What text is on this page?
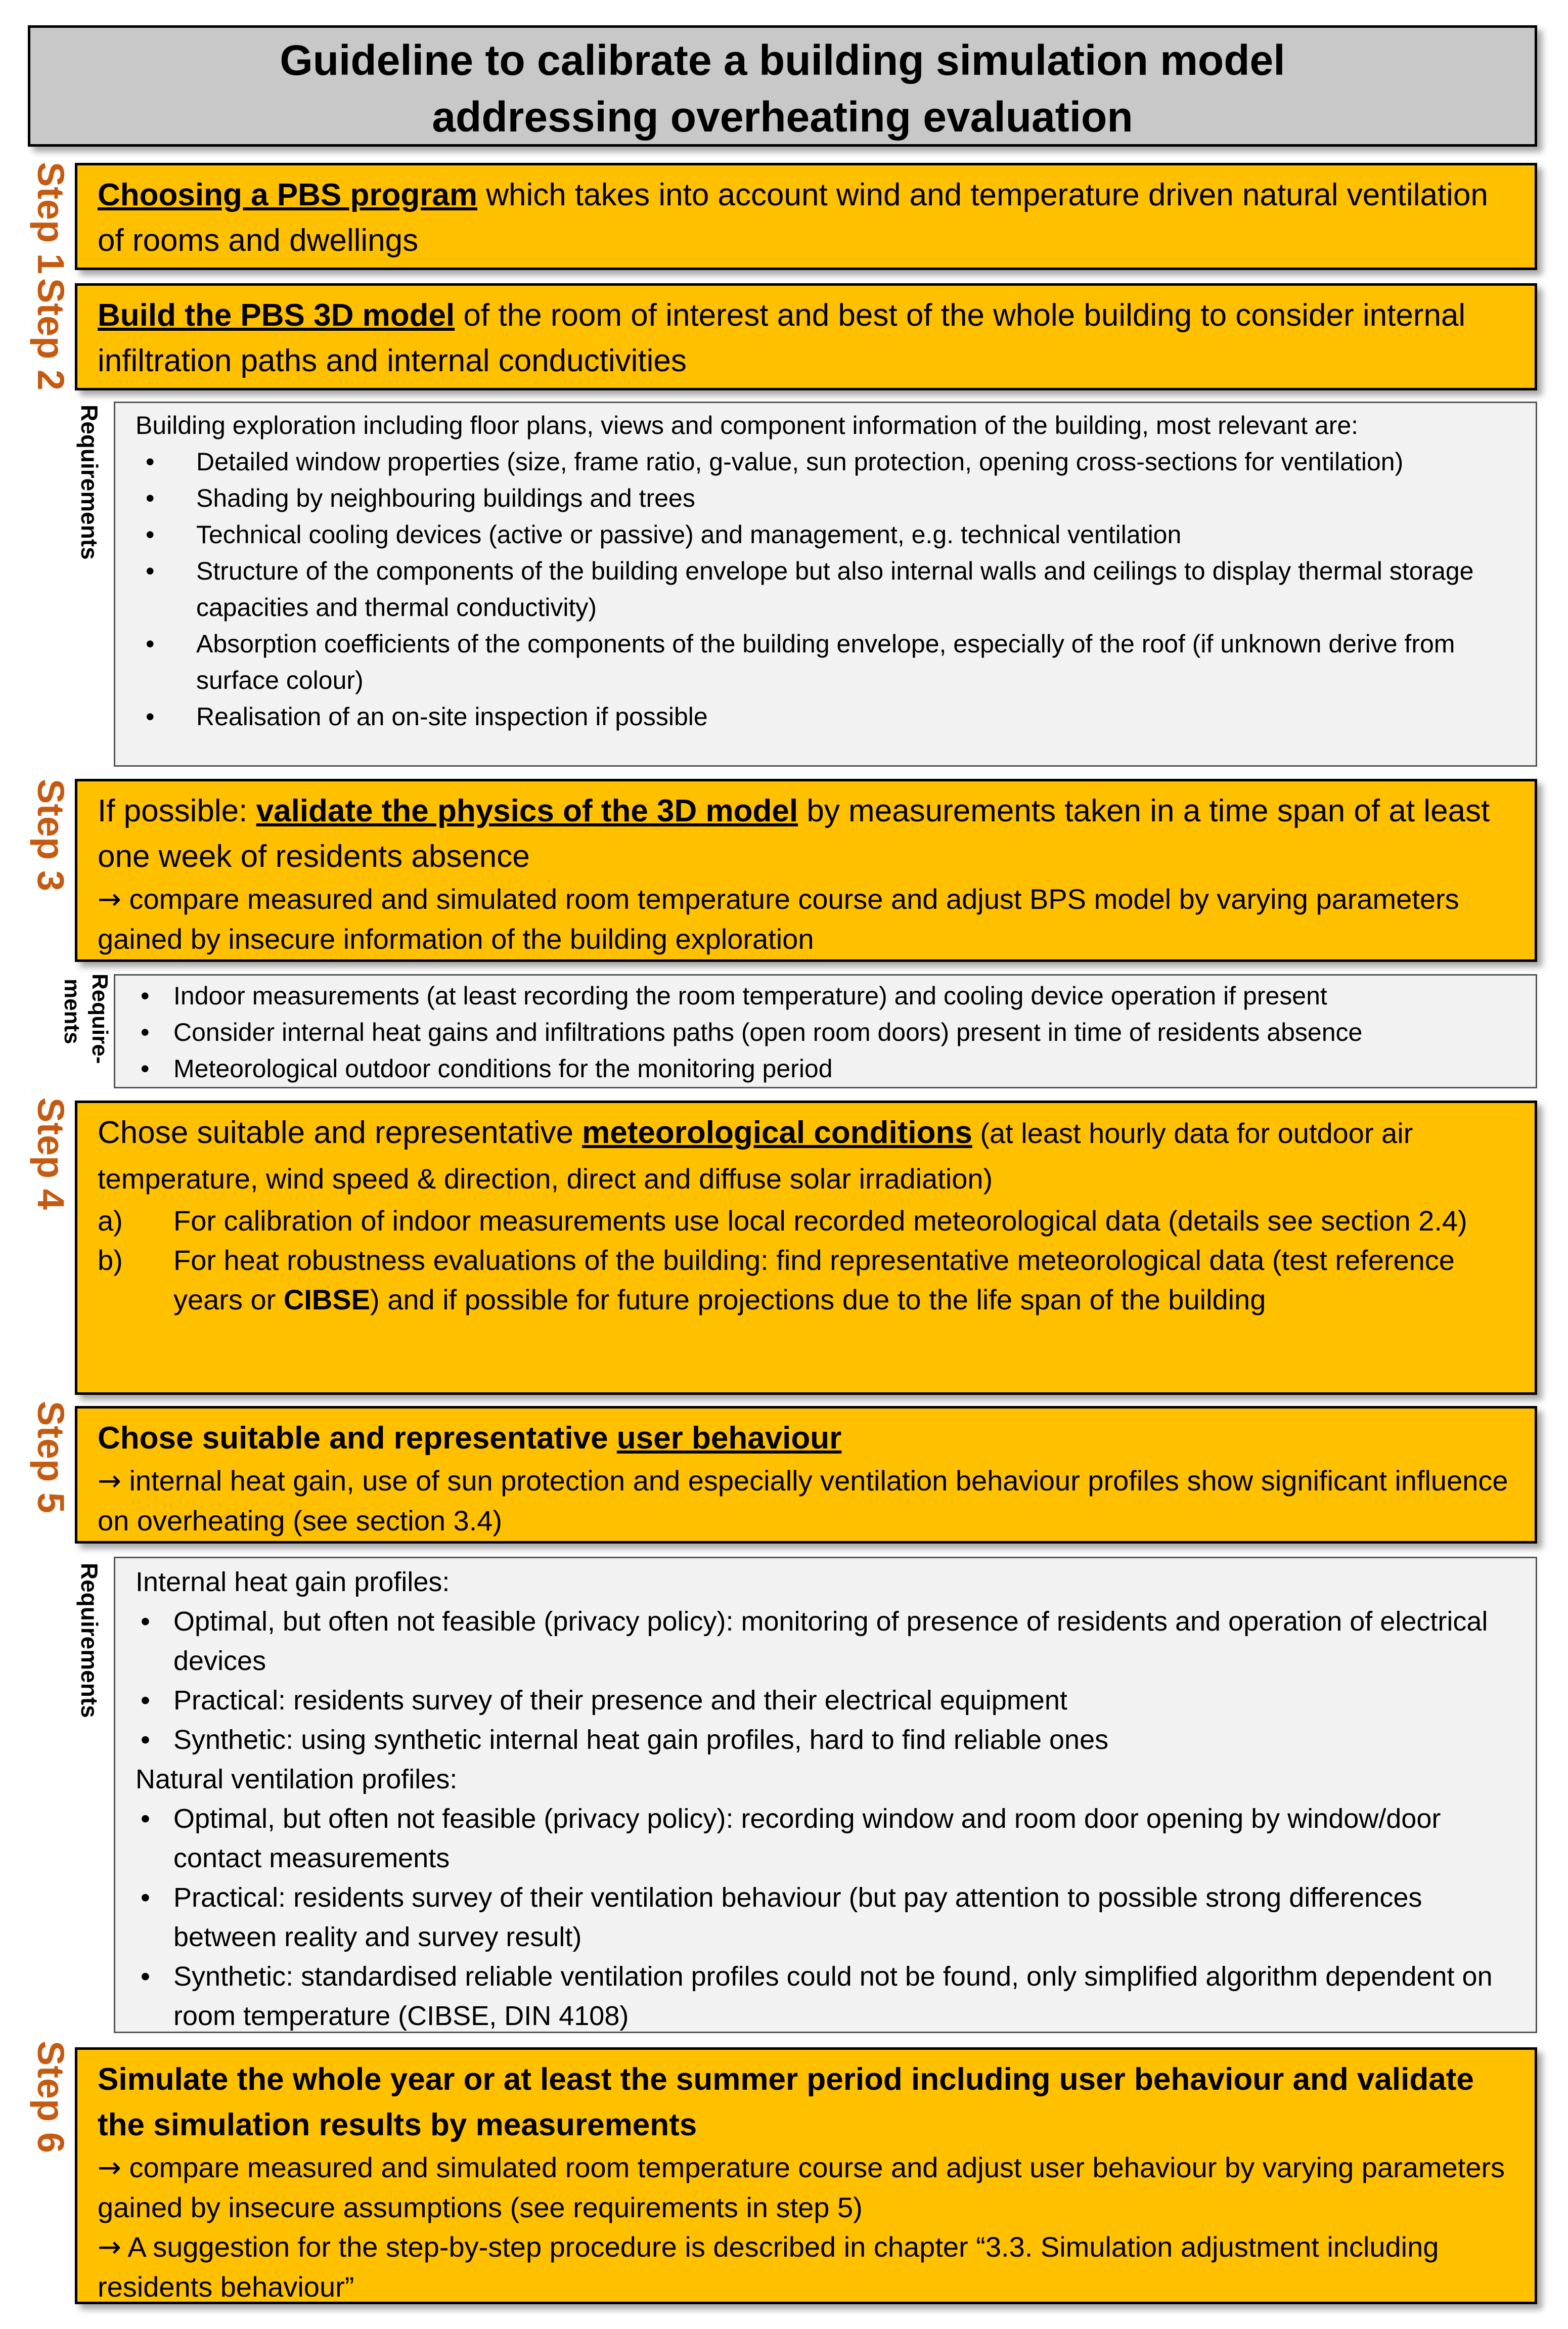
Guideline to calibrate a building simulation model
addressing overheating evaluation
Step 1
Step 2
Step 3
Step 4
Step 5
Step 6
Requirements
Require-
ments
Requirements
Choosing a PBS program which takes into account wind and temperature driven natural ventilation of rooms and dwellings
Build the PBS 3D model of the room of interest and best of the whole building to consider internal infiltration paths and internal conductivities
Building exploration including floor plans, views and component information of the building, most relevant are:
• Detailed window properties (size, frame ratio, g-value, sun protection, opening cross-sections for ventilation)
• Shading by neighbouring buildings and trees
• Technical cooling devices (active or passive) and management, e.g. technical ventilation
• Structure of the components of the building envelope but also internal walls and ceilings to display thermal storage capacities and thermal conductivity)
• Absorption coefficients of the components of the building envelope, especially of the roof (if unknown derive from surface colour)
• Realisation of an on-site inspection if possible
If possible: validate the physics of the 3D model by measurements taken in a time span of at least one week of residents absence
→ compare measured and simulated room temperature course and adjust BPS model by varying parameters gained by insecure information of the building exploration
• Indoor measurements (at least recording the room temperature) and cooling device operation if present
• Consider internal heat gains and infiltrations paths (open room doors) present in time of residents absence
• Meteorological outdoor conditions for the monitoring period
Chose suitable and representative meteorological conditions (at least hourly data for outdoor air temperature, wind speed & direction, direct and diffuse solar irradiation)
a) For calibration of indoor measurements use local recorded meteorological data (details see section 2.4)
b) For heat robustness evaluations of the building: find representative meteorological data (test reference years or CIBSE) and if possible for future projections due to the life span of the building
Chose suitable and representative user behaviour
→ internal heat gain, use of sun protection and especially ventilation behaviour profiles show significant influence on overheating (see section 3.4)
Internal heat gain profiles:
• Optimal, but often not feasible (privacy policy): monitoring of presence of residents and operation of electrical devices
• Practical: residents survey of their presence and their electrical equipment
• Synthetic: using synthetic internal heat gain profiles, hard to find reliable ones
Natural ventilation profiles:
• Optimal, but often not feasible (privacy policy): recording window and room door opening by window/door contact measurements
• Practical: residents survey of their ventilation behaviour (but pay attention to possible strong differences between reality and survey result)
• Synthetic: standardised reliable ventilation profiles could not be found, only simplified algorithm dependent on room temperature (CIBSE, DIN 4108)
Simulate the whole year or at least the summer period including user behaviour and validate the simulation results by measurements
→ compare measured and simulated room temperature course and adjust user behaviour by varying parameters gained by insecure assumptions (see requirements in step 5)
→ A suggestion for the step-by-step procedure is described in chapter “3.3. Simulation adjustment including residents behaviour”
